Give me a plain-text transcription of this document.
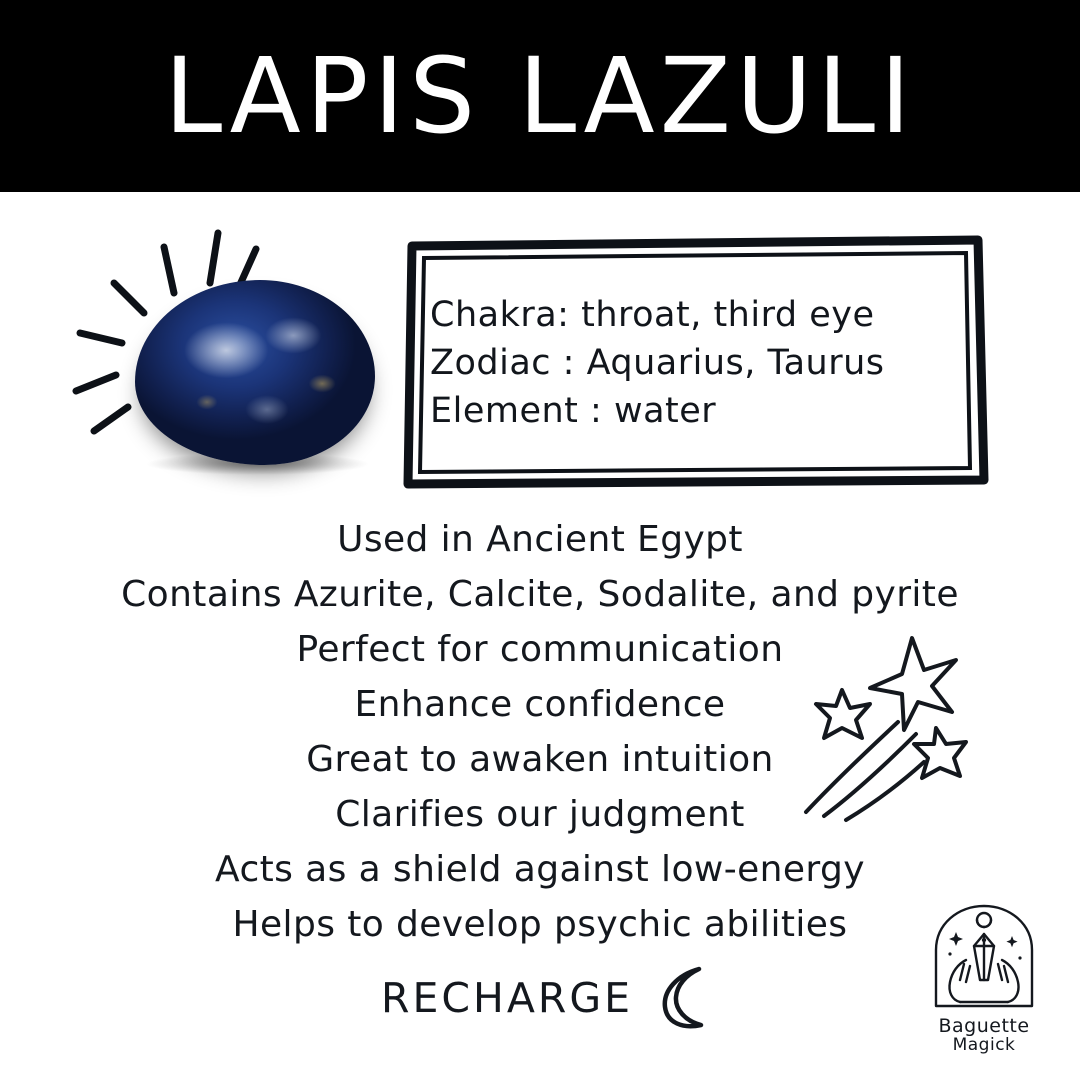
LAPIS LAZULI
Chakra: throat, third eye
Zodiac : Aquarius, Taurus
Element : water
Used in Ancient Egypt
Contains Azurite, Calcite, Sodalite, and pyrite
Perfect for communication
Enhance confidence
Great to awaken intuition
Clarifies our judgment
Acts as a shield against low-energy
Helps to develop psychic abilities
RECHARGE
Baguette
Magick
